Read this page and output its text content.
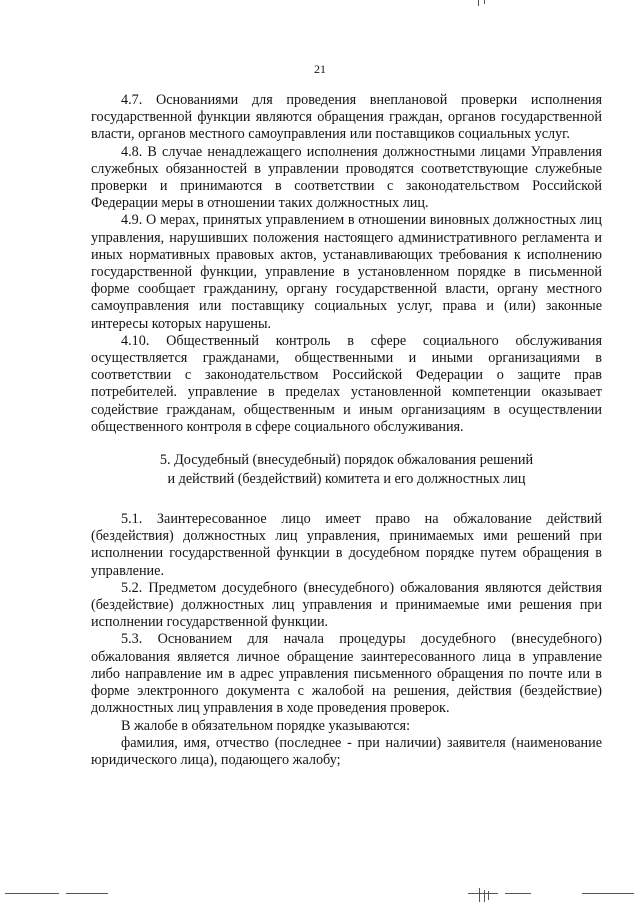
21

4.7. Основаниями для проведения внеплановой проверки исполнения государственной функции являются обращения граждан, органов государственной власти, органов местного самоуправления или поставщиков социальных услуг.

4.8. В случае ненадлежащего исполнения должностными лицами Управления служебных обязанностей в управлении проводятся соответствующие служебные проверки и принимаются в соответствии с законодательством Российской Федерации меры в отношении таких должностных лиц.

4.9. О мерах, принятых управлением в отношении виновных должностных лиц управления, нарушивших положения настоящего административного регламента и иных нормативных правовых актов, устанавливающих требования к исполнению государственной функции, управление в установленном порядке в письменной форме сообщает гражданину, органу государственной власти, органу местного самоуправления или поставщику социальных услуг, права и (или) законные интересы которых нарушены.

4.10. Общественный контроль в сфере социального обслуживания осуществляется гражданами, общественными и иными организациями в соответствии с законодательством Российской Федерации о защите прав потребителей. управление в пределах установленной компетенции оказывает содействие гражданам, общественным и иным организациям в осуществлении общественного контроля в сфере социального обслуживания.

5. Досудебный (внесудебный) порядок обжалования решений
и действий (бездействий) комитета и его должностных лиц

5.1. Заинтересованное лицо имеет право на обжалование действий (бездействия) должностных лиц управления, принимаемых ими решений при исполнении государственной функции в досудебном порядке путем обращения в управление.

5.2. Предметом досудебного (внесудебного) обжалования являются действия (бездействие) должностных лиц управления и принимаемые ими решения при исполнении государственной функции.

5.3. Основанием для начала процедуры досудебного (внесудебного) обжалования является личное обращение заинтересованного лица в управление либо направление им в адрес управления письменного обращения по почте или в форме электронного документа с жалобой на решения, действия (бездействие) должностных лиц управления в ходе проведения проверок.

В жалобе в обязательном порядке указываются:

фамилия, имя, отчество (последнее - при наличии) заявителя (наименование юридического лица), подающего жалобу;
